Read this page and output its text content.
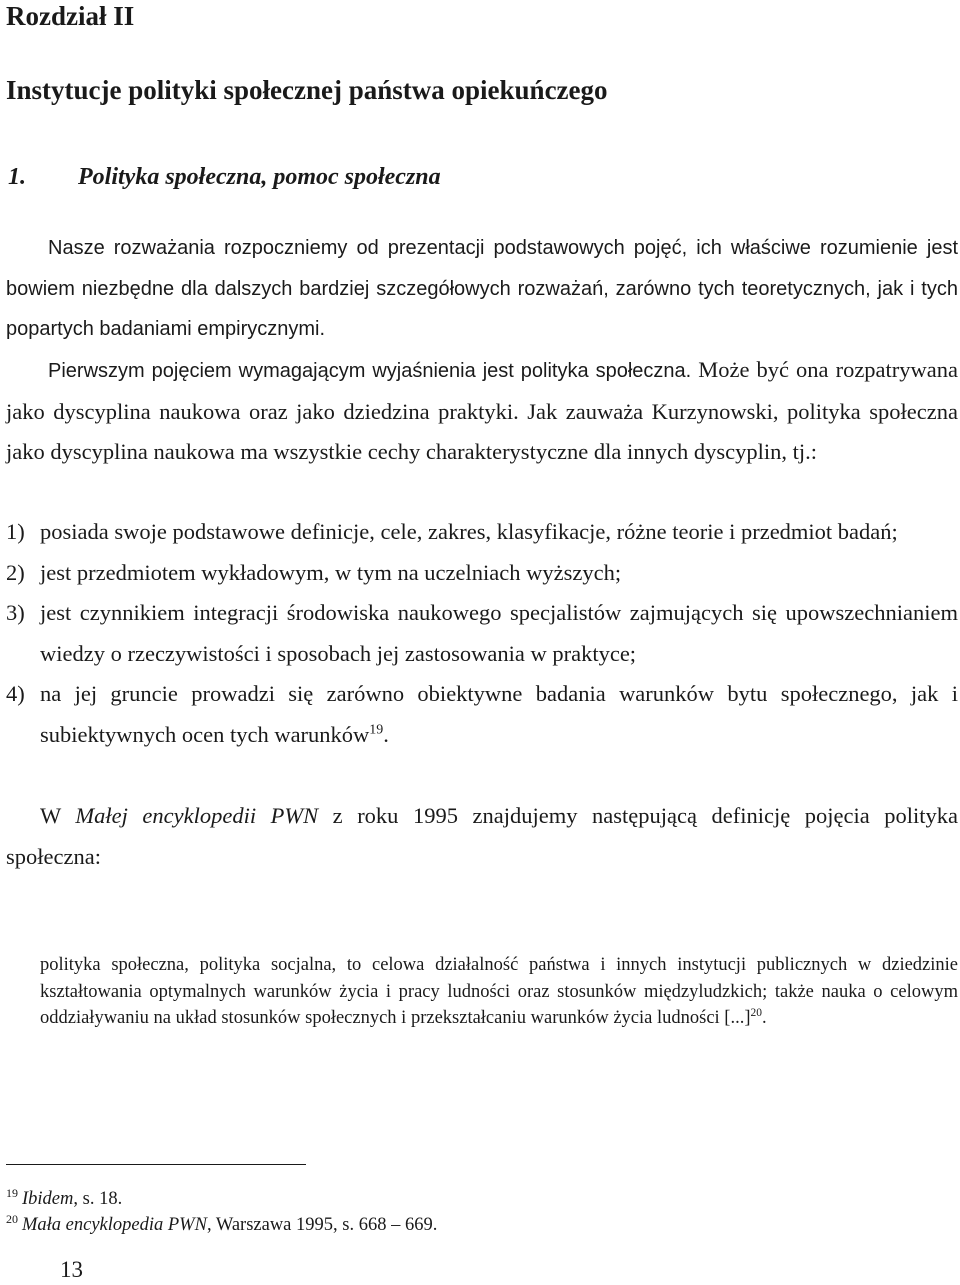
Rozdział II
Instytucje polityki społecznej państwa opiekuńczego
1. Polityka społeczna, pomoc społeczna

Nasze rozważania rozpoczniemy od prezentacji podstawowych pojęć, ich właściwe rozumienie jest bowiem niezbędne dla dalszych bardziej szczegółowych rozważań, zarówno tych teoretycznych, jak i tych popartych badaniami empirycznymi.

Pierwszym pojęciem wymagającym wyjaśnienia jest polityka społeczna. Może być ona rozpatrywana jako dyscyplina naukowa oraz jako dziedzina praktyki. Jak zauważa Kurzynowski, polityka społeczna jako dyscyplina naukowa ma wszystkie cechy charakterystyczne dla innych dyscyplin, tj.:

1) posiada swoje podstawowe definicje, cele, zakres, klasyfikacje, różne teorie i przedmiot badań;
2) jest przedmiotem wykładowym, w tym na uczelniach wyższych;
3) jest czynnikiem integracji środowiska naukowego specjalistów zajmujących się upowszechnianiem wiedzy o rzeczywistości i sposobach jej zastosowania w praktyce;
4) na jej gruncie prowadzi się zarówno obiektywne badania warunków bytu społecznego, jak i subiektywnych ocen tych warunków$^{19}$.

W Małej encyklopedii PWN z roku 1995 znajdujemy następującą definicję pojęcia polityka społeczna:

polityka społeczna, polityka socjalna, to celowa działalność państwa i innych instytucji publicznych w dziedzinie kształtowania optymalnych warunków życia i pracy ludności oraz stosunków międzyludzkich; także nauka o celowym oddziaływaniu na układ stosunków społecznych i przekształcaniu warunków życia ludności [...]$^{20}$.
$^{19}$ Ibidem, s. 18.
$^{20}$ Mała encyklopedia PWN, Warszawa 1995, s. 668 – 669.

13
